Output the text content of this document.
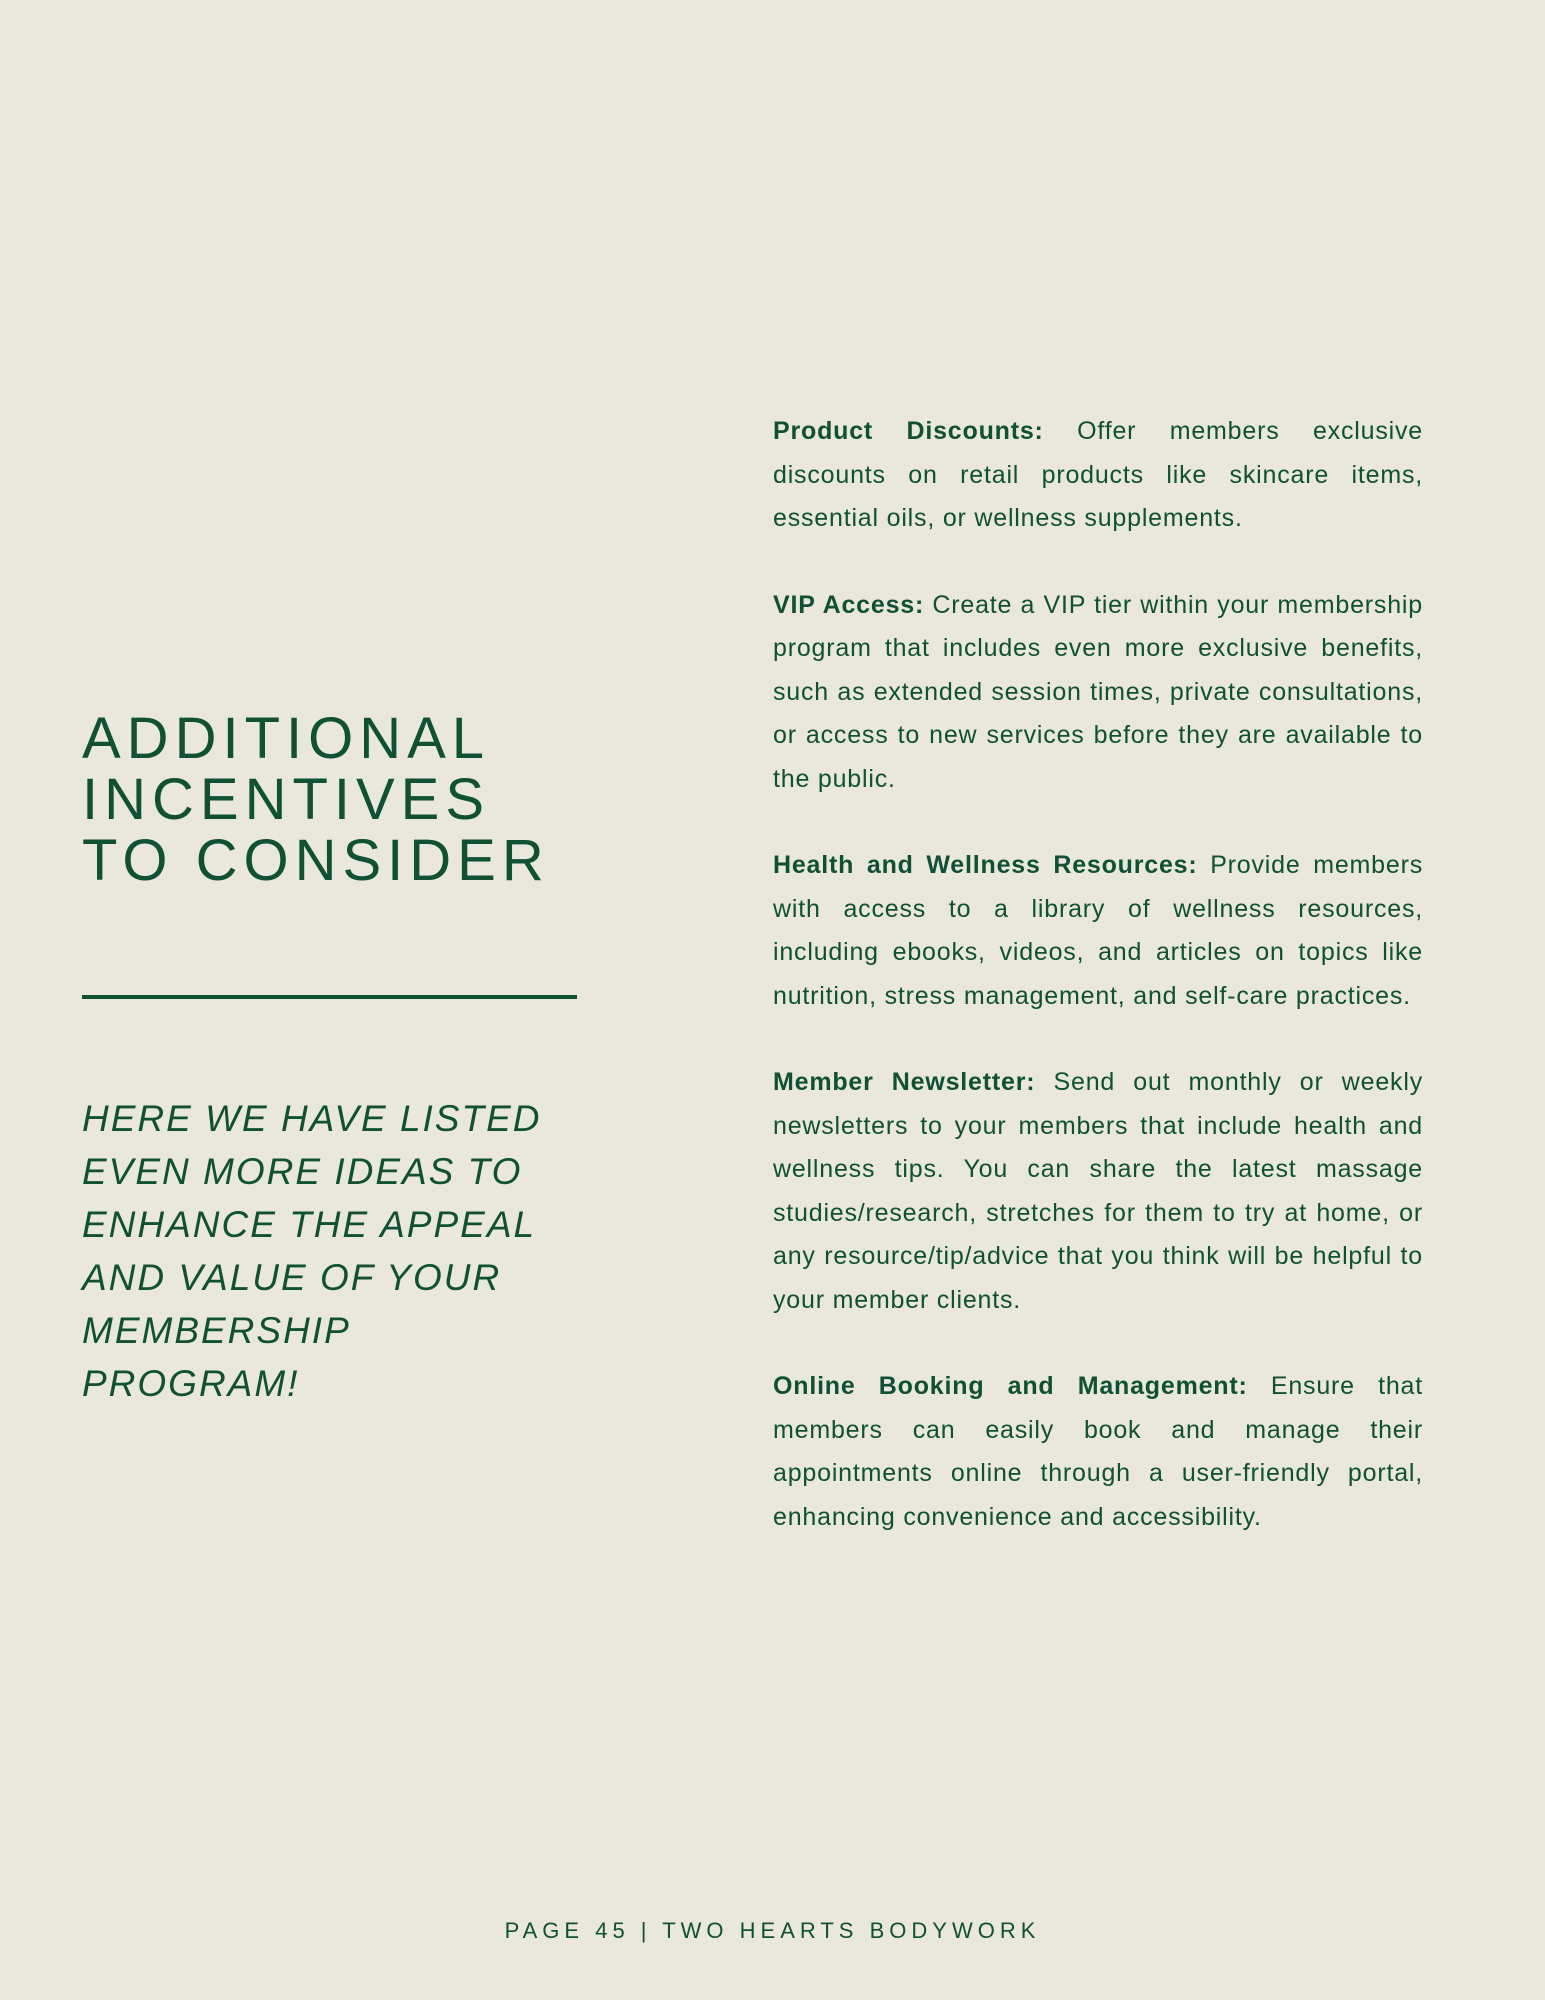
ADDITIONAL
INCENTIVES
TO CONSIDER

HERE WE HAVE LISTED
EVEN MORE IDEAS TO
ENHANCE THE APPEAL
AND VALUE OF YOUR
MEMBERSHIP
PROGRAM!

Product Discounts: Offer members exclusive discounts on retail products like skincare items, essential oils, or wellness supplements.

VIP Access: Create a VIP tier within your membership program that includes even more exclusive benefits, such as extended session times, private consultations, or access to new services before they are available to the public.

Health and Wellness Resources: Provide members with access to a library of wellness resources, including ebooks, videos, and articles on topics like nutrition, stress management, and self-care practices.

Member Newsletter: Send out monthly or weekly newsletters to your members that include health and wellness tips. You can share the latest massage studies/research, stretches for them to try at home, or any resource/tip/advice that you think will be helpful to your member clients.

Online Booking and Management: Ensure that members can easily book and manage their appointments online through a user-friendly portal, enhancing convenience and accessibility.

PAGE 45 | TWO HEARTS BODYWORK
